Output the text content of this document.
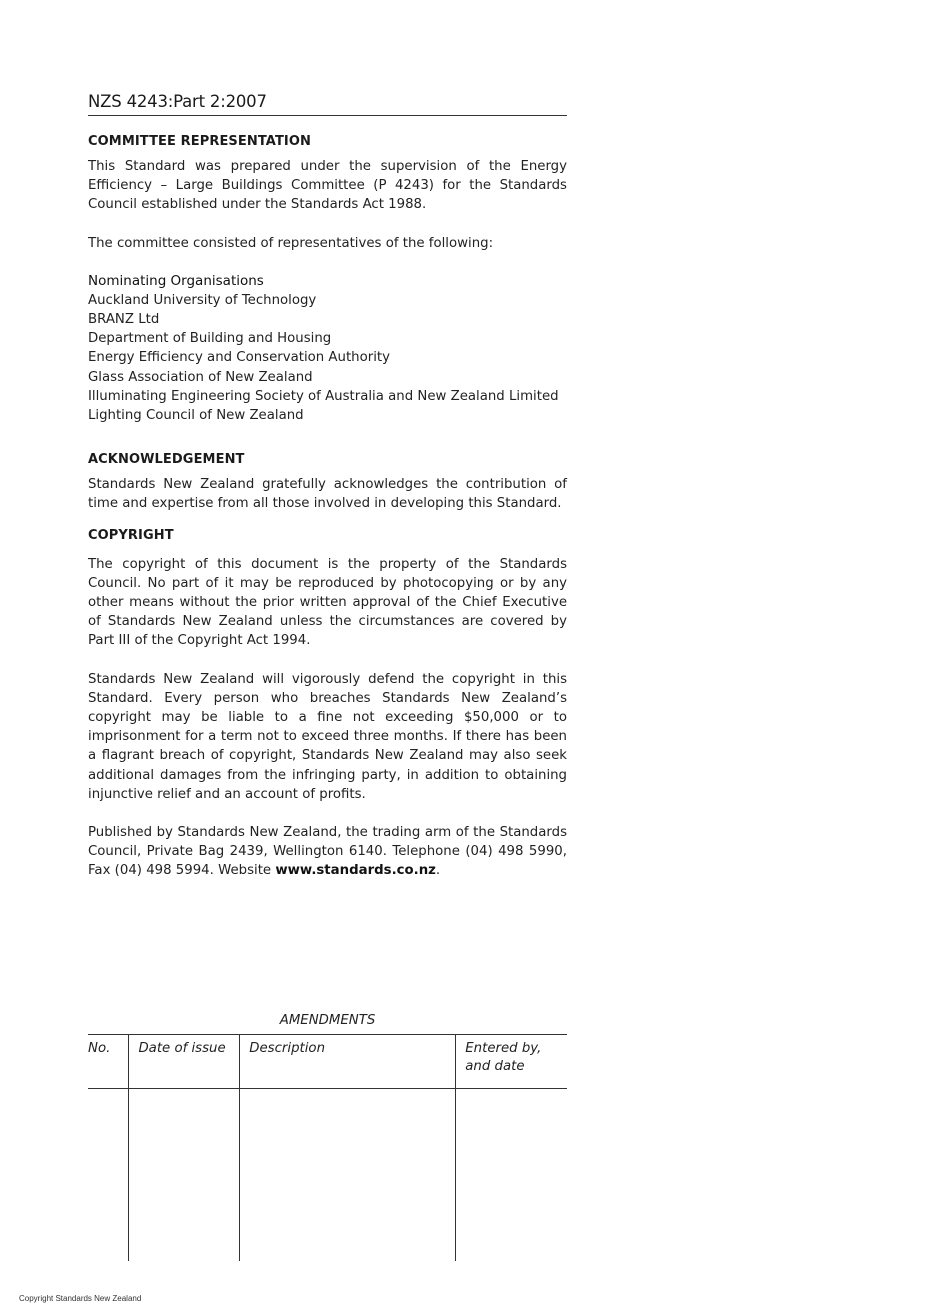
NZS 4243:Part 2:2007
COMMITTEE REPRESENTATION

This Standard was prepared under the supervision of the Energy Efficiency – Large Buildings Committee (P 4243) for the Standards Council established under the Standards Act 1988.

The committee consisted of representatives of the following:

Nominating Organisations
Auckland University of Technology
BRANZ Ltd
Department of Building and Housing
Energy Efficiency and Conservation Authority
Glass Association of New Zealand
Illuminating Engineering Society of Australia and New Zealand Limited
Lighting Council of New Zealand
ACKNOWLEDGEMENT

Standards New Zealand gratefully acknowledges the contribution of time and expertise from all those involved in developing this Standard.

COPYRIGHT

The copyright of this document is the property of the Standards Council. No part of it may be reproduced by photocopying or by any other means without the prior written approval of the Chief Executive of Standards New Zealand unless the circumstances are covered by Part III of the Copyright Act 1994.

Standards New Zealand will vigorously defend the copyright in this Standard. Every person who breaches Standards New Zealand’s copyright may be liable to a fine not exceeding $50,000 or to imprisonment for a term not to exceed three months. If there has been a flagrant breach of copyright, Standards New Zealand may also seek additional damages from the infringing party, in addition to obtaining injunctive relief and an account of profits.

Published by Standards New Zealand, the trading arm of the Standards Council, Private Bag 2439, Wellington 6140. Telephone (04) 498 5990, Fax (04) 498 5994. Website www.standards.co.nz.

AMENDMENTS
No.	Date of issue	Description	Entered by, and date

Copyright Standards New Zealand
